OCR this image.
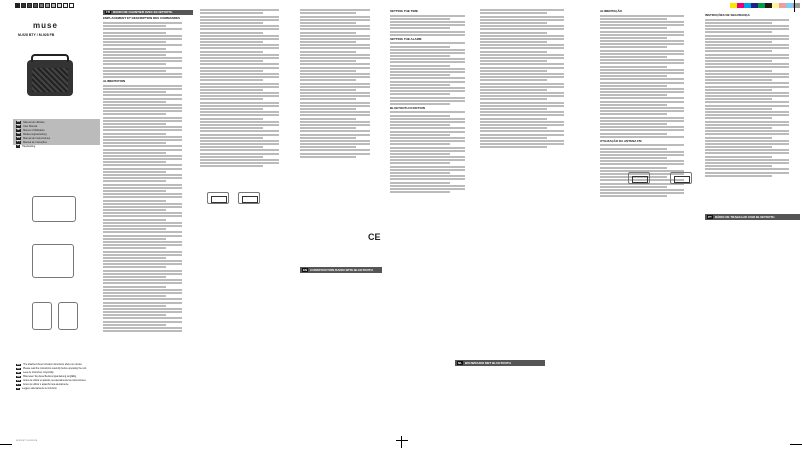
muse
M-928 BTY / M-928 FB
EN	Manual de Utilizare
FR	User Manual
NL	Manuel d'Utilisation
DE	Bedienungsanleitung
ES	Manual de Instrucciones
PT	Manual de Instruções
IT	Handleiding
EN	The attached sheet includes instructions about our device.
FR	Please read the instructions carefully before operating the unit.
NL	Lees de instructies zorgvuldig.
DE	Bitte lesen Sie diese Bedienungsanleitung sorgfältig.
ES	Antes de utilizar el aparato, lea atentamente las instrucciones.
PT	Antes de utilizar o aparelho leia atentamente.
IT	Leggere attentamente le istruzioni.
M-928 BTY M-928 FB
FR	RADIO DE CHANTIER AVEC BLUETOOTH
EMPLACEMENT ET DESCRIPTION DES COMMANDES
ALIMENTATION
CE
EN	CONSTRUCTION RADIO WITH BLUETOOTH
SETTING THE TIME
SETTING THE ALARM
BLUETOOTH FUNCTION
NL	BOUWRADIO MET BLUETOOTH
ALIMENTAÇÃO
UTILIZAÇÃO DA ANTENA FM
INSTRUÇÕES DE SEGURANÇA
PT	RÁDIO DE TRABALHO COM BLUETOOTH
